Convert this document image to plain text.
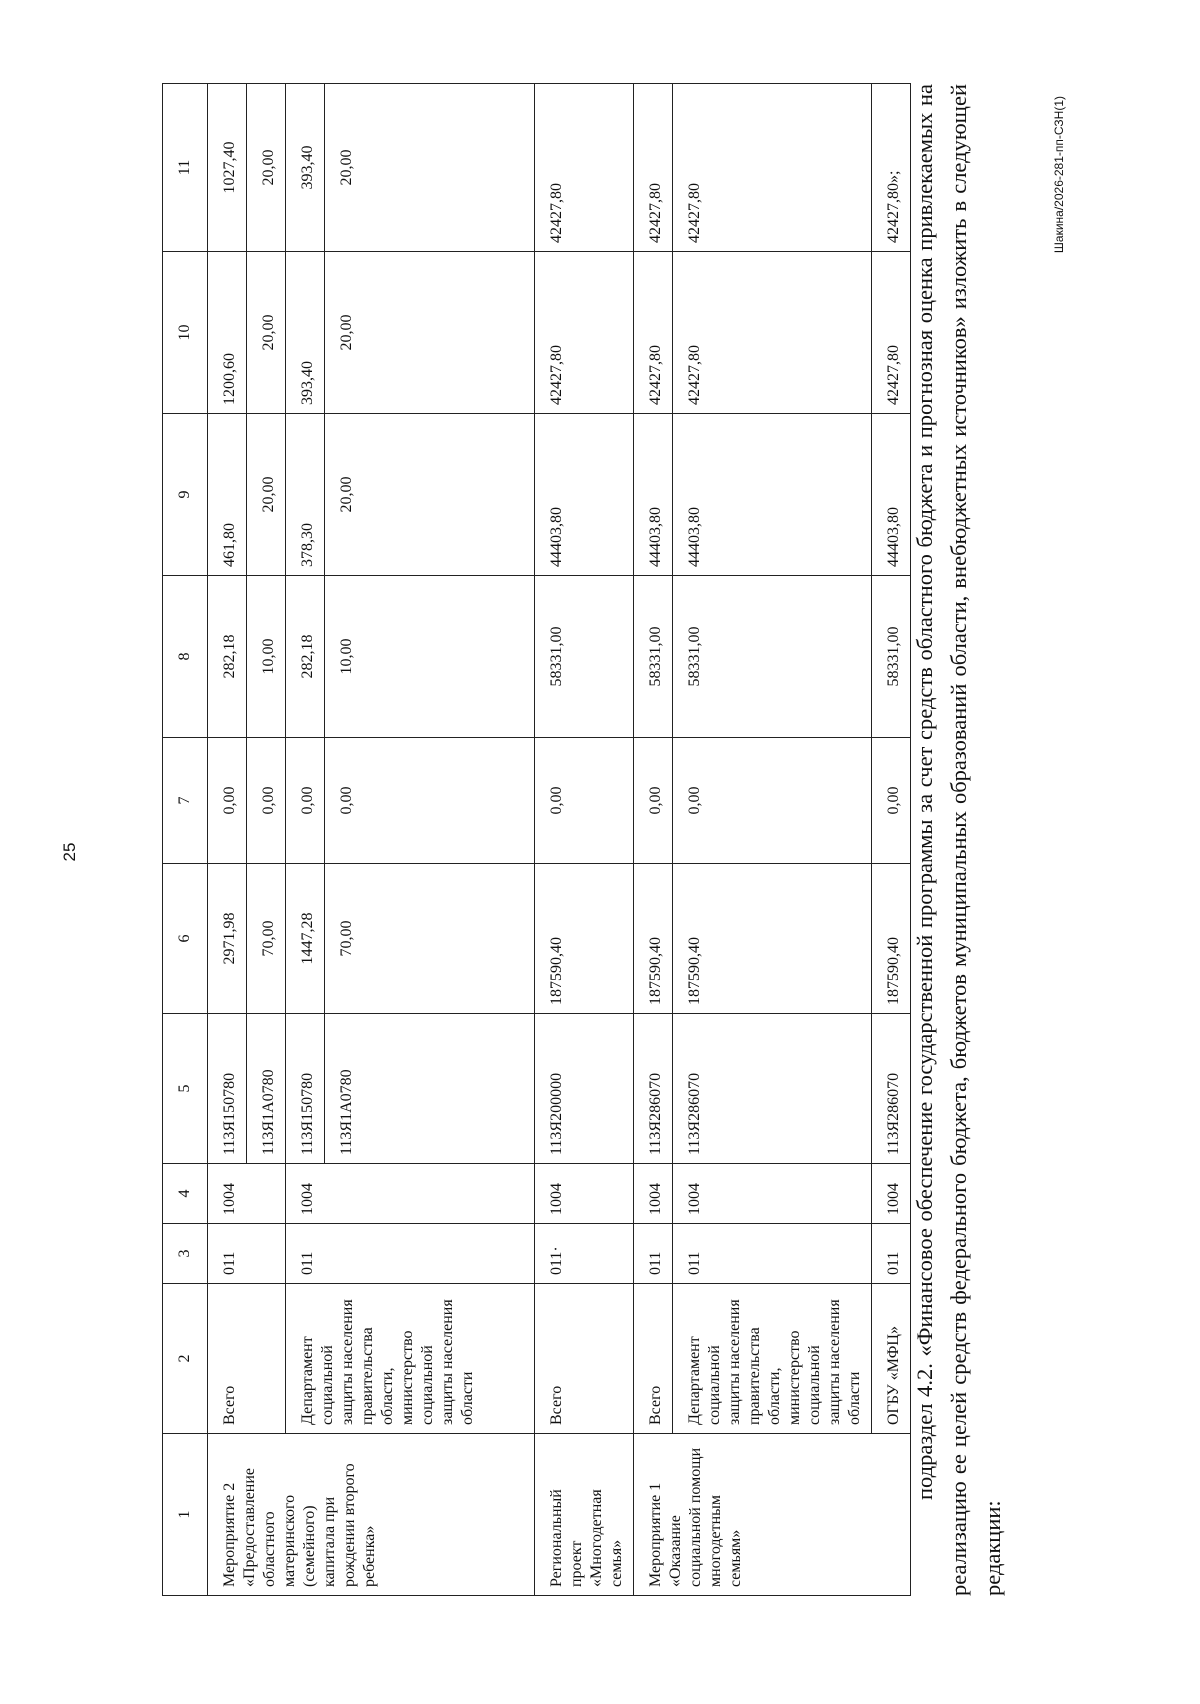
25
1	2	3	4	5	6	7	8	9	10	11
Мероприятие 2 «Предоставление областного материнского (семейного) капитала при рождении второго ребенка»	Всего	011	1004	113Я150780	2971,98	0,00	282,18	461,80	1200,60	1027,40
				113Я1А0780	70,00	0,00	10,00	20,00	20,00	20,00
	Департамент социальной защиты населения правительства области, министерство социальной защиты населения области	011	1004	113Я150780	1447,28	0,00	282,18	378,30	393,40	393,40
				113Я1А0780	70,00	0,00	10,00	20,00	20,00	20,00
Региональный проект «Многодетная семья»	Всего	011·	1004	113Я200000	187590,40	0,00	58331,00	44403,80	42427,80	42427,80
Мероприятие 1 «Оказание социальной помощи многодетным семьям»	Всего	011	1004	113Я286070	187590,40	0,00	58331,00	44403,80	42427,80	42427,80
	Департамент социальной защиты населения правительства области, министерство социальной защиты населения области	011	1004	113Я286070	187590,40	0,00	58331,00	44403,80	42427,80	42427,80
	ОГБУ «МФЦ»	011	1004	113Я286070	187590,40	0,00	58331,00	44403,80	42427,80	42427,80»; подраздел 4.2. «Финансовое обеспечение государственной программы за счет средств областного бюджета и прогнозная оценка привлекаемых на реализацию ее целей средств федерального бюджета, бюджетов муниципальных образований области, внебюджетных источников» изложить в следующей редакции:
Шакина/2026-281-пп-СЗН(1)
